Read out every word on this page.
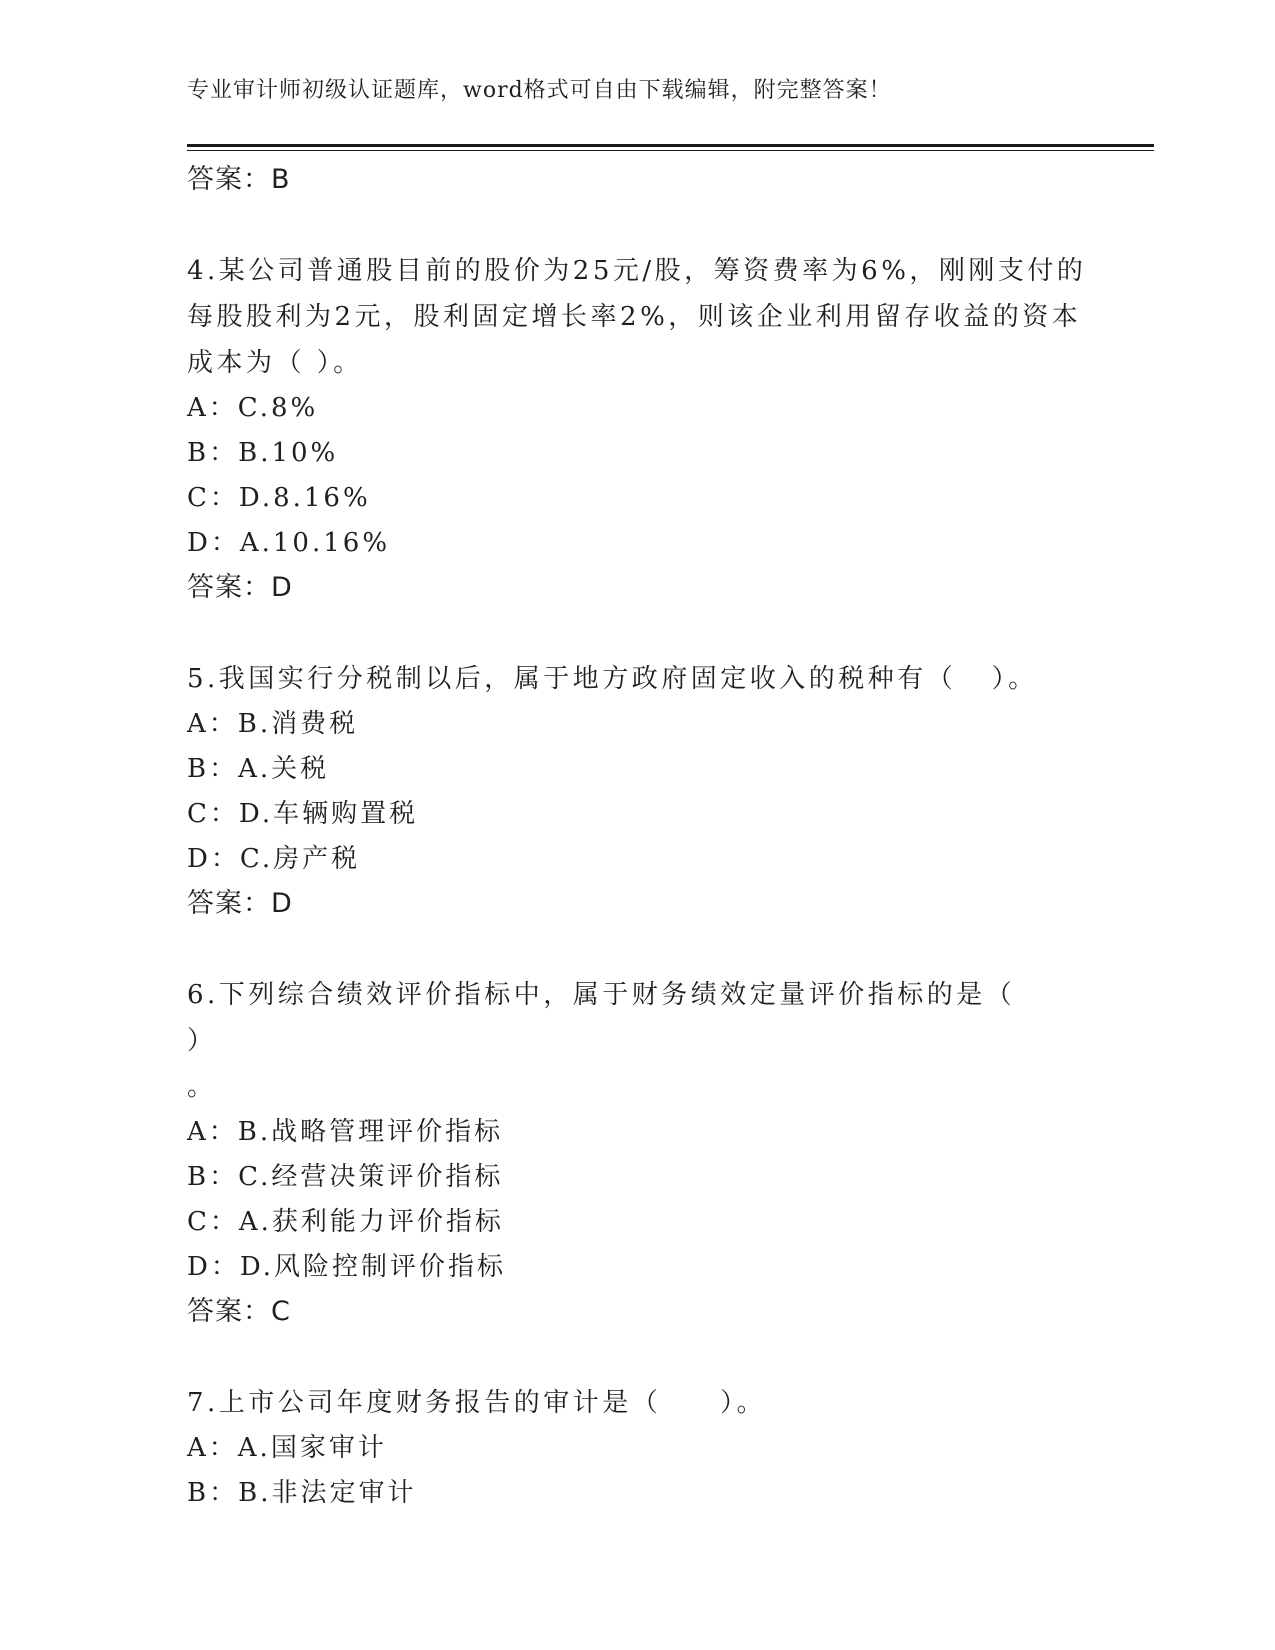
专业审计师初级认证题库，word格式可自由下载编辑，附完整答案！
答案：B
4.某公司普通股目前的股价为25元/股，筹资费率为6%，刚刚支付的每股股利为2元，股利固定增长率2%，则该企业利用留存收益的资本成本为（ ）。
A：C.8%
B：B.10%
C：D.8.16%
D：A.10.16%
答案：D
5.我国实行分税制以后，属于地方政府固定收入的税种有（   ）。
A：B.消费税
B：A.关税
C：D.车辆购置税
D：C.房产税
答案：D
6.下列综合绩效评价指标中，属于财务绩效定量评价指标的是（    ）
。
A：B.战略管理评价指标
B：C.经营决策评价指标
C：A.获利能力评价指标
D：D.风险控制评价指标
答案：C
7.上市公司年度财务报告的审计是（     ）。
A：A.国家审计
B：B.非法定审计
